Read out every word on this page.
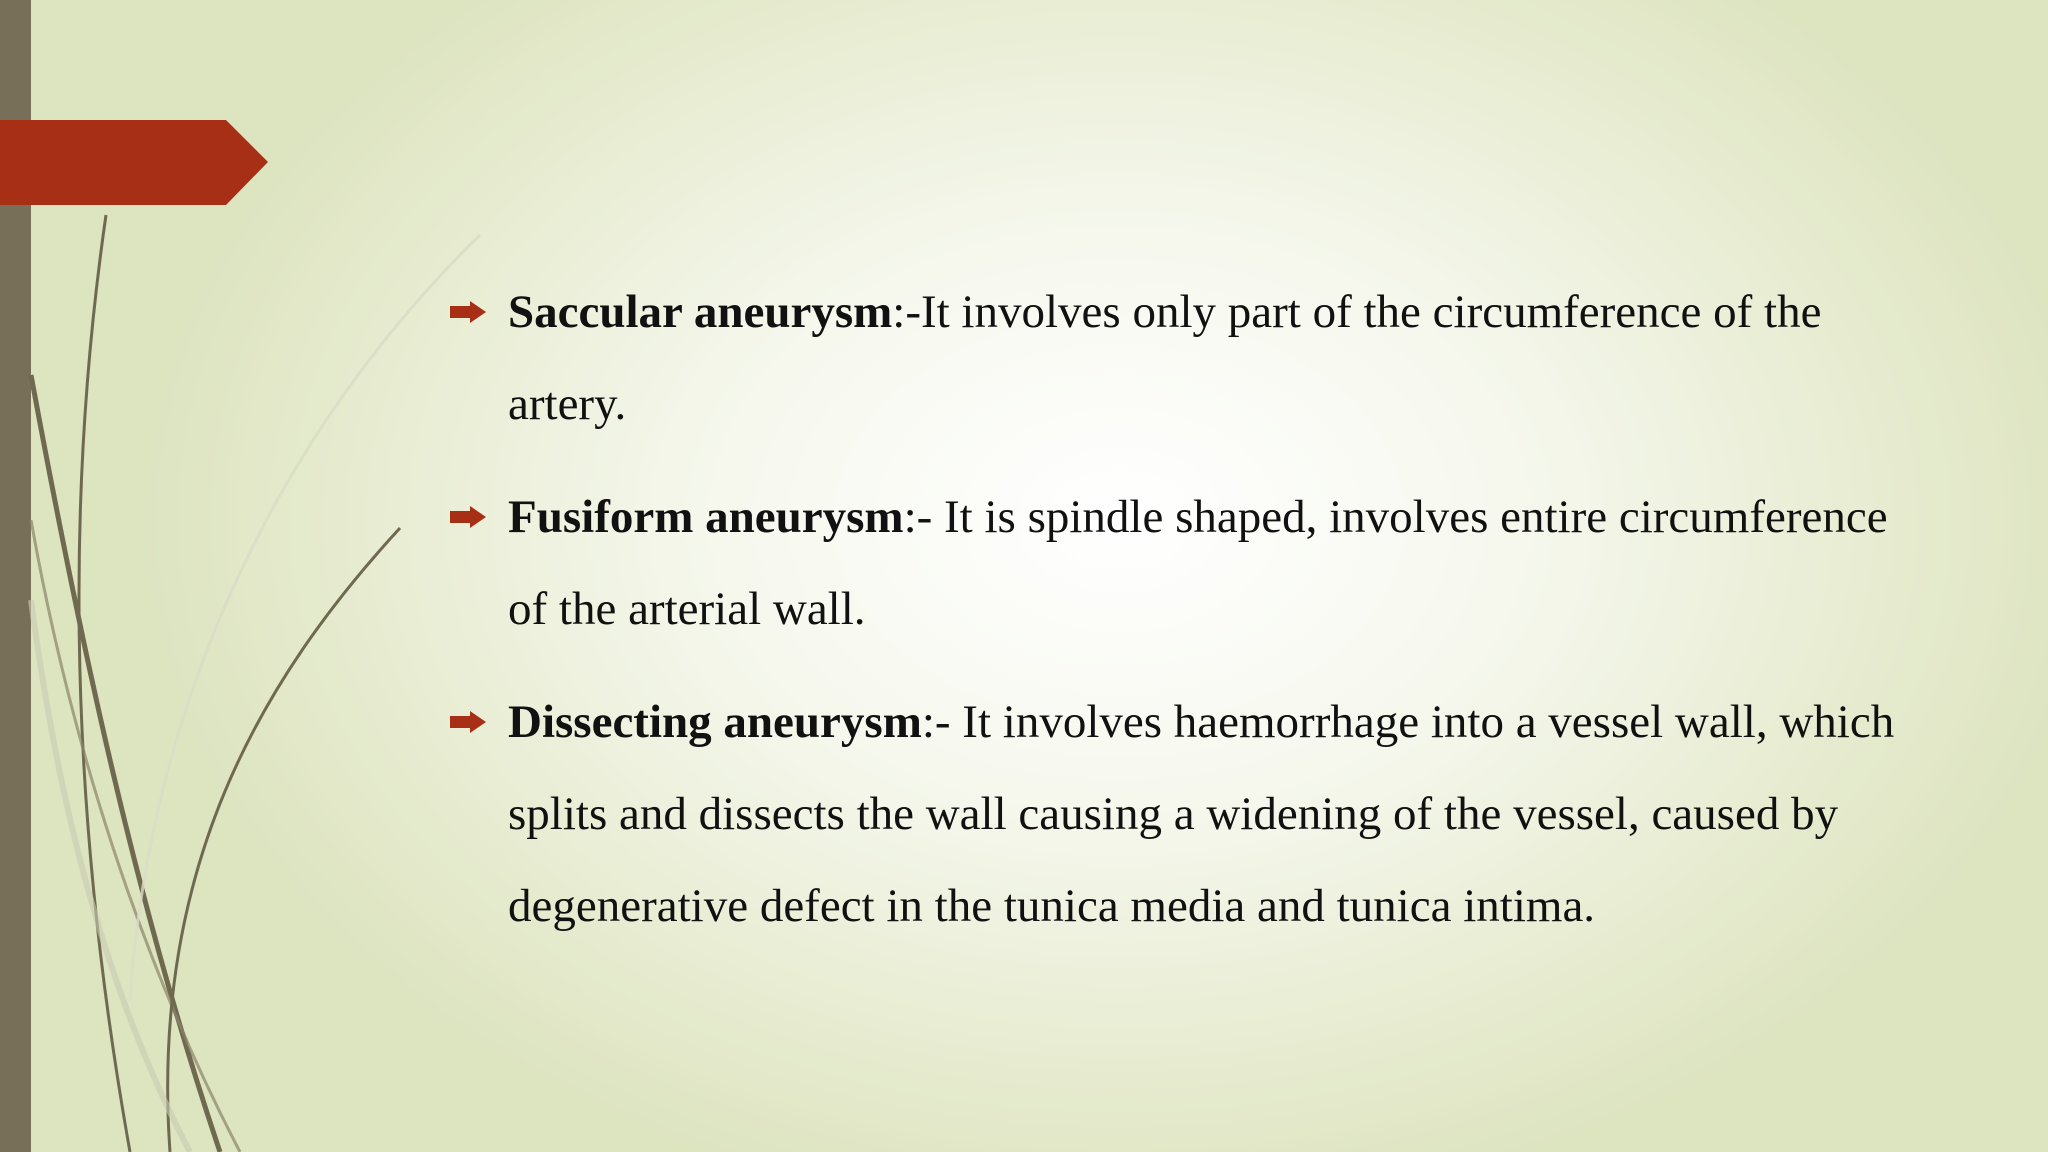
Saccular aneurysm:-It involves only part of the circumference of the artery.
Fusiform aneurysm:- It is spindle shaped, involves entire circumference of the arterial wall.
Dissecting aneurysm:- It involves haemorrhage into a vessel wall, which splits and dissects the wall causing a widening of the vessel, caused by degenerative defect in the tunica media and tunica intima.
